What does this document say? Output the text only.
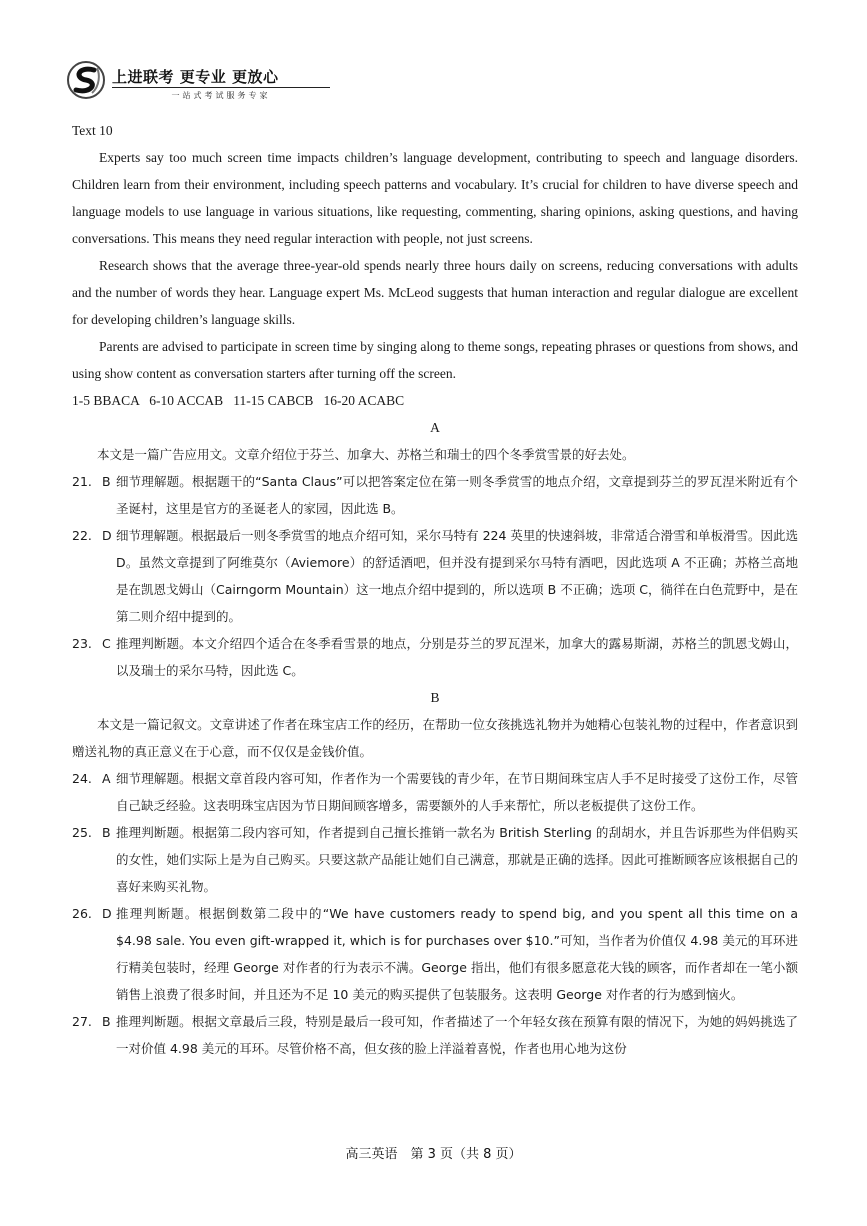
上进联考 更专业 更放心
一站式考试服务专家

Text 10

Experts say too much screen time impacts children’s language development, contributing to speech and language disorders. Children learn from their environment, including speech patterns and vocabulary. It’s crucial for children to have diverse speech and language models to use language in various situations, like requesting, commenting, sharing opinions, asking questions, and having conversations. This means they need regular interaction with people, not just screens.

Research shows that the average three-year-old spends nearly three hours daily on screens, reducing conversations with adults and the number of words they hear. Language expert Ms. McLeod suggests that human interaction and regular dialogue are excellent for developing children’s language skills.

Parents are advised to participate in screen time by singing along to theme songs, repeating phrases or questions from shows, and using show content as conversation starters after turning off the screen.

1-5 BBACA   6-10 ACCAB   11-15 CABCB   16-20 ACABC

A

本文是一篇广告应用文。文章介绍位于芬兰、加拿大、苏格兰和瑞士的四个冬季赏雪景的好去处。

21. B 细节理解题。根据题干的“Santa Claus”可以把答案定位在第一则冬季赏雪的地点介绍，文章提到芬兰的罗瓦涅米附近有个圣诞村，这里是官方的圣诞老人的家园，因此选 B。
22. D 细节理解题。根据最后一则冬季赏雪的地点介绍可知，采尔马特有 224 英里的快速斜坡，非常适合滑雪和单板滑雪。因此选 D。虽然文章提到了阿维莫尔（Aviemore）的舒适酒吧，但并没有提到采尔马特有酒吧，因此选项 A 不正确；苏格兰高地是在凯恩戈姆山（Cairngorm Mountain）这一地点介绍中提到的，所以选项 B 不正确；选项 C，徜徉在白色荒野中，是在第二则介绍中提到的。
23. C 推理判断题。本文介绍四个适合在冬季看雪景的地点，分别是芬兰的罗瓦涅米，加拿大的露易斯湖，苏格兰的凯恩戈姆山，以及瑞士的采尔马特，因此选 C。

B

本文是一篇记叙文。文章讲述了作者在珠宝店工作的经历，在帮助一位女孩挑选礼物并为她精心包装礼物的过程中，作者意识到赠送礼物的真正意义在于心意，而不仅仅是金钱价值。

24. A 细节理解题。根据文章首段内容可知，作者作为一个需要钱的青少年，在节日期间珠宝店人手不足时接受了这份工作，尽管自己缺乏经验。这表明珠宝店因为节日期间顾客增多，需要额外的人手来帮忙，所以老板提供了这份工作。
25. B 推理判断题。根据第二段内容可知，作者提到自己擅长推销一款名为 British Sterling 的刮胡水，并且告诉那些为伴侣购买的女性，她们实际上是为自己购买。只要这款产品能让她们自己满意，那就是正确的选择。因此可推断顾客应该根据自己的喜好来购买礼物。
26. D 推理判断题。根据倒数第二段中的“We have customers ready to spend big, and you spent all this time on a $4.98 sale. You even gift-wrapped it, which is for purchases over $10.”可知，当作者为价值仅 4.98 美元的耳环进行精美包装时，经理 George 对作者的行为表示不满。George 指出，他们有很多愿意花大钱的顾客，而作者却在一笔小额销售上浪费了很多时间，并且还为不足 10 美元的购买提供了包装服务。这表明 George 对作者的行为感到恼火。
27. B 推理判断题。根据文章最后三段，特别是最后一段可知，作者描述了一个年轻女孩在预算有限的情况下，为她的妈妈挑选了一对价值 4.98 美元的耳环。尽管价格不高，但女孩的脸上洋溢着喜悦，作者也用心地为这份
高三英语　第 3 页（共 8 页）
